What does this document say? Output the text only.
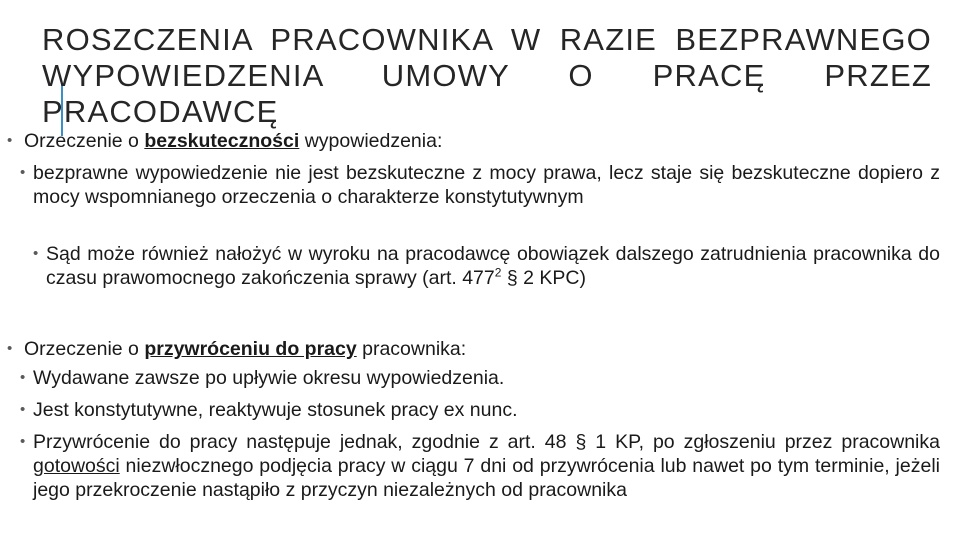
ROSZCZENIA PRACOWNIKA W RAZIE BEZPRAWNEGO WYPOWIEDZENIA UMOWY O PRACĘ PRZEZ PRACODAWCĘ

• Orzeczenie o bezskuteczności wypowiedzenia:

• bezprawne wypowiedzenie nie jest bezskuteczne z mocy prawa, lecz staje się bezskuteczne dopiero z mocy wspomnianego orzeczenia o charakterze konstytutywnym

• Sąd może również nałożyć w wyroku na pracodawcę obowiązek dalszego zatrudnienia pracownika do czasu prawomocnego zakończenia sprawy (art. $477^2$ § 2 KPC)

• Orzeczenie o przywróceniu do pracy pracownika:

• Wydawane zawsze po upływie okresu wypowiedzenia.

• Jest konstytutywne, reaktywuje stosunek pracy ex nunc.

• Przywrócenie do pracy następuje jednak, zgodnie z art. 48 § 1 KP, po zgłoszeniu przez pracownika gotowości niezwłocznego podjęcia pracy w ciągu 7 dni od przywrócenia lub nawet po tym terminie, jeżeli jego przekroczenie nastąpiło z przyczyn niezależnych od pracownika
